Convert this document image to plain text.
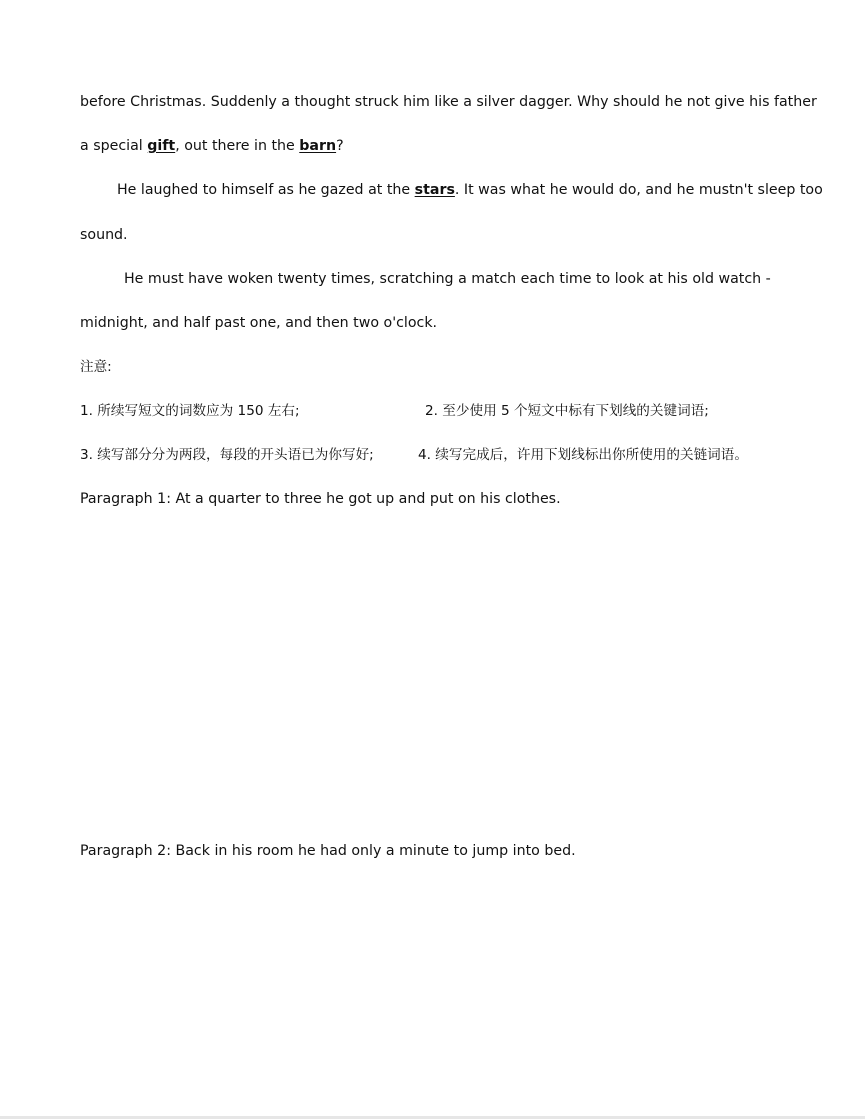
before Christmas. Suddenly a thought struck him like a silver dagger. Why should he not give his father
a special gift, out there in the barn?
He laughed to himself as he gazed at the stars. It was what he would do, and he mustn't sleep too
sound.
He must have woken twenty times, scratching a match each time to look at his old watch -
midnight, and half past one, and then two o'clock.
注意:
1. 所续写短文的词数应为 150 左右;	2. 至少使用 5 个短文中标有下划线的关键词语;
3. 续写部分分为两段，每段的开头语已为你写好;	4. 续写完成后，许用下划线标出你所使用的关链词语。
Paragraph 1: At a quarter to three he got up and put on his clothes.
Paragraph 2: Back in his room he had only a minute to jump into bed.
